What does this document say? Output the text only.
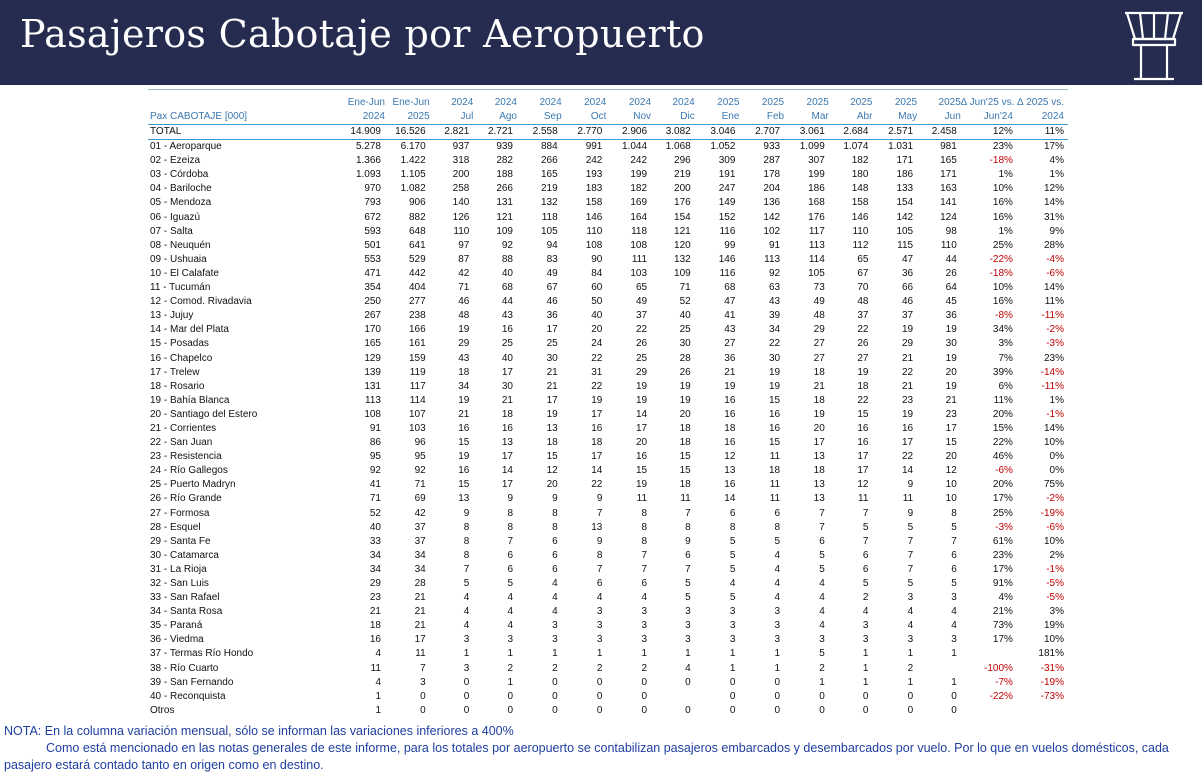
Pasajeros Cabotaje por Aeropuerto
	Ene-Jun	Ene-Jun	2024	2024	2024	2024	2024	2024	2025	2025	2025	2025	2025	2025	∆ Jun'25 vs.	∆ 2025 vs.
Pax CABOTAJE [000]	2024	2025	Jul	Ago	Sep	Oct	Nov	Dic	Ene	Feb	Mar	Abr	May	Jun	Jun'24	2024
TOTAL	14.909	16.526	2.821	2.721	2.558	2.770	2.906	3.082	3.046	2.707	3.061	2.684	2.571	2.458	12%	11%
01 - Aeroparque	5.278	6.170	937	939	884	991	1.044	1.068	1.052	933	1.099	1.074	1.031	981	23%	17%
02 - Ezeiza	1.366	1.422	318	282	266	242	242	296	309	287	307	182	171	165	-18%	4%
03 - Córdoba	1.093	1.105	200	188	165	193	199	219	191	178	199	180	186	171	1%	1%
04 - Bariloche	970	1.082	258	266	219	183	182	200	247	204	186	148	133	163	10%	12%
05 - Mendoza	793	906	140	131	132	158	169	176	149	136	168	158	154	141	16%	14%
06 - Iguazú	672	882	126	121	118	146	164	154	152	142	176	146	142	124	16%	31%
07 - Salta	593	648	110	109	105	110	118	121	116	102	117	110	105	98	1%	9%
08 - Neuquén	501	641	97	92	94	108	108	120	99	91	113	112	115	110	25%	28%
09 - Ushuaia	553	529	87	88	83	90	111	132	146	113	114	65	47	44	-22%	-4%
10 - El Calafate	471	442	42	40	49	84	103	109	116	92	105	67	36	26	-18%	-6%
11 - Tucumán	354	404	71	68	67	60	65	71	68	63	73	70	66	64	10%	14%
12 - Comod. Rivadavia	250	277	46	44	46	50	49	52	47	43	49	48	46	45	16%	11%
13 - Jujuy	267	238	48	43	36	40	37	40	41	39	48	37	37	36	-8%	-11%
14 - Mar del Plata	170	166	19	16	17	20	22	25	43	34	29	22	19	19	34%	-2%
15 - Posadas	165	161	29	25	25	24	26	30	27	22	27	26	29	30	3%	-3%
16 - Chapelco	129	159	43	40	30	22	25	28	36	30	27	27	21	19	7%	23%
17 - Trelew	139	119	18	17	21	31	29	26	21	19	18	19	22	20	39%	-14%
18 - Rosario	131	117	34	30	21	22	19	19	19	19	21	18	21	19	6%	-11%
19 - Bahía Blanca	113	114	19	21	17	19	19	19	16	15	18	22	23	21	11%	1%
20 - Santiago del Estero	108	107	21	18	19	17	14	20	16	16	19	15	19	23	20%	-1%
21 - Corrientes	91	103	16	16	13	16	17	18	18	16	20	16	16	17	15%	14%
22 - San Juan	86	96	15	13	18	18	20	18	16	15	17	16	17	15	22%	10%
23 - Resistencia	95	95	19	17	15	17	16	15	12	11	13	17	22	20	46%	0%
24 - Río Gallegos	92	92	16	14	12	14	15	15	13	18	18	17	14	12	-6%	0%
25 - Puerto Madryn	41	71	15	17	20	22	19	18	16	11	13	12	9	10	20%	75%
26 - Río Grande	71	69	13	9	9	9	11	11	14	11	13	11	11	10	17%	-2%
27 - Formosa	52	42	9	8	8	7	8	7	6	6	7	7	9	8	25%	-19%
28 - Esquel	40	37	8	8	8	13	8	8	8	8	7	5	5	5	-3%	-6%
29 - Santa Fe	33	37	8	7	6	9	8	9	5	5	6	7	7	7	61%	10%
30 - Catamarca	34	34	8	6	6	8	7	6	5	4	5	6	7	6	23%	2%
31 - La Rioja	34	34	7	6	6	7	7	7	5	4	5	6	7	6	17%	-1%
32 - San Luis	29	28	5	5	4	6	6	5	4	4	4	5	5	5	91%	-5%
33 - San Rafael	23	21	4	4	4	4	4	5	5	4	4	2	3	3	4%	-5%
34 - Santa Rosa	21	21	4	4	4	3	3	3	3	3	4	4	4	4	21%	3%
35 - Paraná	18	21	4	4	3	3	3	3	3	3	4	3	4	4	73%	19%
36 - Viedma	16	17	3	3	3	3	3	3	3	3	3	3	3	3	17%	10%
37 - Termas Río Hondo	4	11	1	1	1	1	1	1	1	1	5	1	1	1		181%
38 - Río Cuarto	11	7	3	2	2	2	2	4	1	1	2	1	2		-100%	-31%
39 - San Fernando	4	3	0	1	0	0	0	0	0	0	1	1	1	1	-7%	-19%
40 - Reconquista	1	0	0	0	0	0	0		0	0	0	0	0	0	-22%	-73%
Otros	1	0	0	0	0	0	0	0	0	0	0	0	0	0		
NOTA: En la columna variación mensual, sólo se informan las variaciones inferiores a 400%
Como está mencionado en las notas generales de este informe, para los totales por aeropuerto se contabilizan pasajeros embarcados y desembarcados por vuelo. Por lo que en vuelos domésticos, cada pasajero estará contado tanto en origen como en destino.
